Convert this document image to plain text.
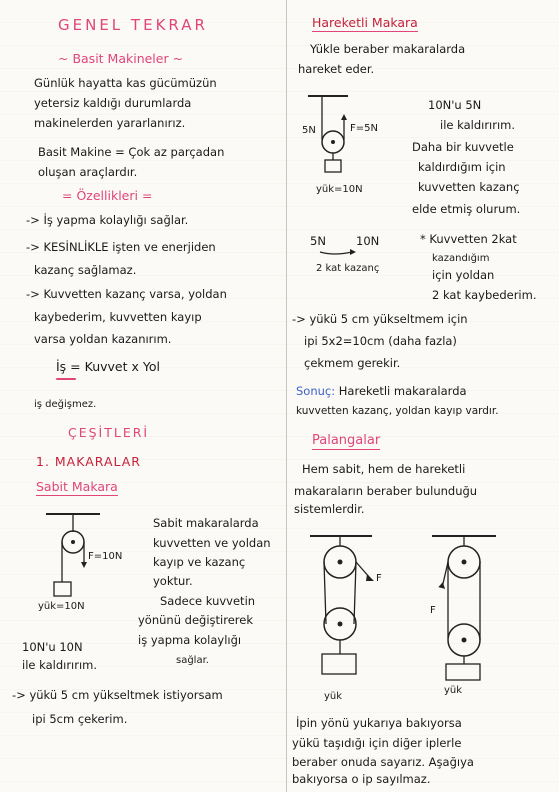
GENEL TEKRAR
~ Basit Makineler ~
Günlük hayatta kas gücümüzün
yetersiz kaldığı durumlarda
makinelerden yararlanırız.
Basit Makine = Çok az parçadan
oluşan araçlardır.
= Özellikleri =
-> İş yapma kolaylığı sağlar.
-> KESİNLİKLE işten ve enerjiden
kazanç sağlamaz.
-> Kuvvetten kazanç varsa, yoldan
kaybederim, kuvvetten kayıp
varsa yoldan kazanırım.
İş = Kuvvet x Yol
iş değişmez.
ÇEŞİTLERİ
1. MAKARALAR
Sabit Makara
F=10N
yük=10N
Sabit makaralarda
kuvvetten ve yoldan
kayıp ve kazanç
yoktur.
Sadece kuvvetin
yönünü değiştirerek
iş yapma kolaylığı
sağlar.
10N'u 10N
ile kaldırırım.
-> yükü 5 cm yükseltmek istiyorsam
ipi 5cm çekerim.
Hareketli Makara
Yükle beraber makaralarda
hareket eder.
5N	F=5N
yük=10N
10N'u 5N
ile kaldırırım.
Daha bir kuvvetle
kaldırdığım için
kuvvetten kazanç
elde etmiş olurum.
5N	10N
2 kat kazanç
* Kuvvetten 2kat
kazandığım
için yoldan
2 kat kaybederim.
-> yükü 5 cm yükseltmem için
ipi 5x2=10cm (daha fazla)
çekmem gerekir.
Sonuç: Hareketli makaralarda
kuvvetten kazanç, yoldan kayıp vardır.
Palangalar
Hem sabit, hem de hareketli
makaraların beraber bulunduğu
sistemlerdir.
F
F
yük
yük
İpin yönü yukarıya bakıyorsa
yükü taşıdığı için diğer iplerle
beraber onuda sayarız. Aşağıya
bakıyorsa o ip sayılmaz.
